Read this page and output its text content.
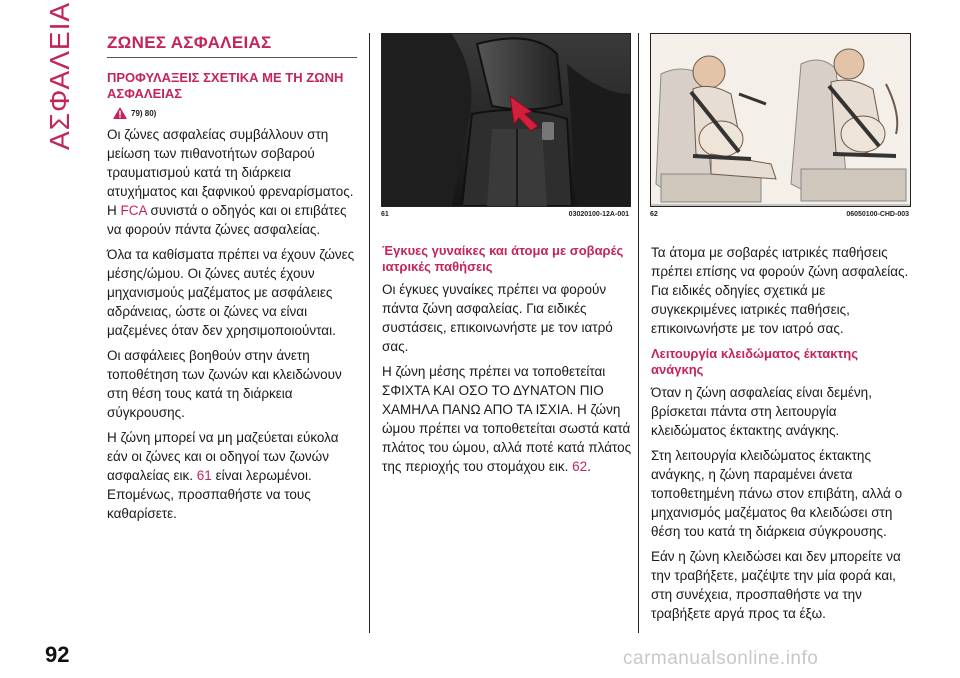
ΑΣΦΑΛΕΙΑ ΖΩΝΕΣ ΑΣΦΑΛΕΙΑΣ
ΠΡΟΦΥΛΑΞΕΙΣ ΣΧΕΤΙΚΑ ΜΕ ΤΗ ΖΩΝΗ ΑΣΦΑΛΕΙΑΣ
79) 80)

Οι ζώνες ασφαλείας συμβάλλουν στη μείωση των πιθανοτήτων σοβαρού τραυματισμού κατά τη διάρκεια ατυχήματος και ξαφνικού φρεναρίσματος. Η FCA συνιστά ο οδηγός και οι επιβάτες να φορούν πάντα ζώνες ασφαλείας.

Όλα τα καθίσματα πρέπει να έχουν ζώνες μέσης/ώμου. Οι ζώνες αυτές έχουν μηχανισμούς μαζέματος με ασφάλειες αδράνειας, ώστε οι ζώνες να είναι μαζεμένες όταν δεν χρησιμοποιούνται.

Οι ασφάλειες βοηθούν στην άνετη τοποθέτηση των ζωνών και κλειδώνουν στη θέση τους κατά τη διάρκεια σύγκρουσης.

Η ζώνη μπορεί να μη μαζεύεται εύκολα εάν οι ζώνες και οι οδηγοί των ζωνών ασφαλείας εικ. 61 είναι λερωμένοι. Επομένως, προσπαθήστε να τους καθαρίσετε.

61	03020100-12A-001	62	06050100-CHD-003
Έγκυες γυναίκες και άτομα με σοβαρές ιατρικές παθήσεις

Οι έγκυες γυναίκες πρέπει να φορούν πάντα ζώνη ασφαλείας. Για ειδικές συστάσεις, επικοινωνήστε με τον ιατρό σας.

Η ζώνη μέσης πρέπει να τοποθετείται ΣΦΙΧΤΑ ΚΑΙ ΟΣΟ ΤΟ ΔΥΝΑΤΟΝ ΠΙΟ ΧΑΜΗΛΑ ΠΑΝΩ ΑΠΟ ΤΑ ΙΣΧΙΑ. Η ζώνη ώμου πρέπει να τοποθετείται σωστά κατά πλάτος του ώμου, αλλά ποτέ κατά πλάτος της περιοχής του στομάχου εικ. 62.

Τα άτομα με σοβαρές ιατρικές παθήσεις πρέπει επίσης να φορούν ζώνη ασφαλείας. Για ειδικές οδηγίες σχετικά με συγκεκριμένες ιατρικές παθήσεις, επικοινωνήστε με τον ιατρό σας.

Λειτουργία κλειδώματος έκτακτης ανάγκης

Όταν η ζώνη ασφαλείας είναι δεμένη, βρίσκεται πάντα στη λειτουργία κλειδώματος έκτακτης ανάγκης.

Στη λειτουργία κλειδώματος έκτακτης ανάγκης, η ζώνη παραμένει άνετα τοποθετημένη πάνω στον επιβάτη, αλλά ο μηχανισμός μαζέματος θα κλειδώσει στη θέση του κατά τη διάρκεια σύγκρουσης.

Εάν η ζώνη κλειδώσει και δεν μπορείτε να την τραβήξετε, μαζέψτε την μία φορά και, στη συνέχεια, προσπαθήστε να την τραβήξετε αργά προς τα έξω.

92	carmanualsonline.info
